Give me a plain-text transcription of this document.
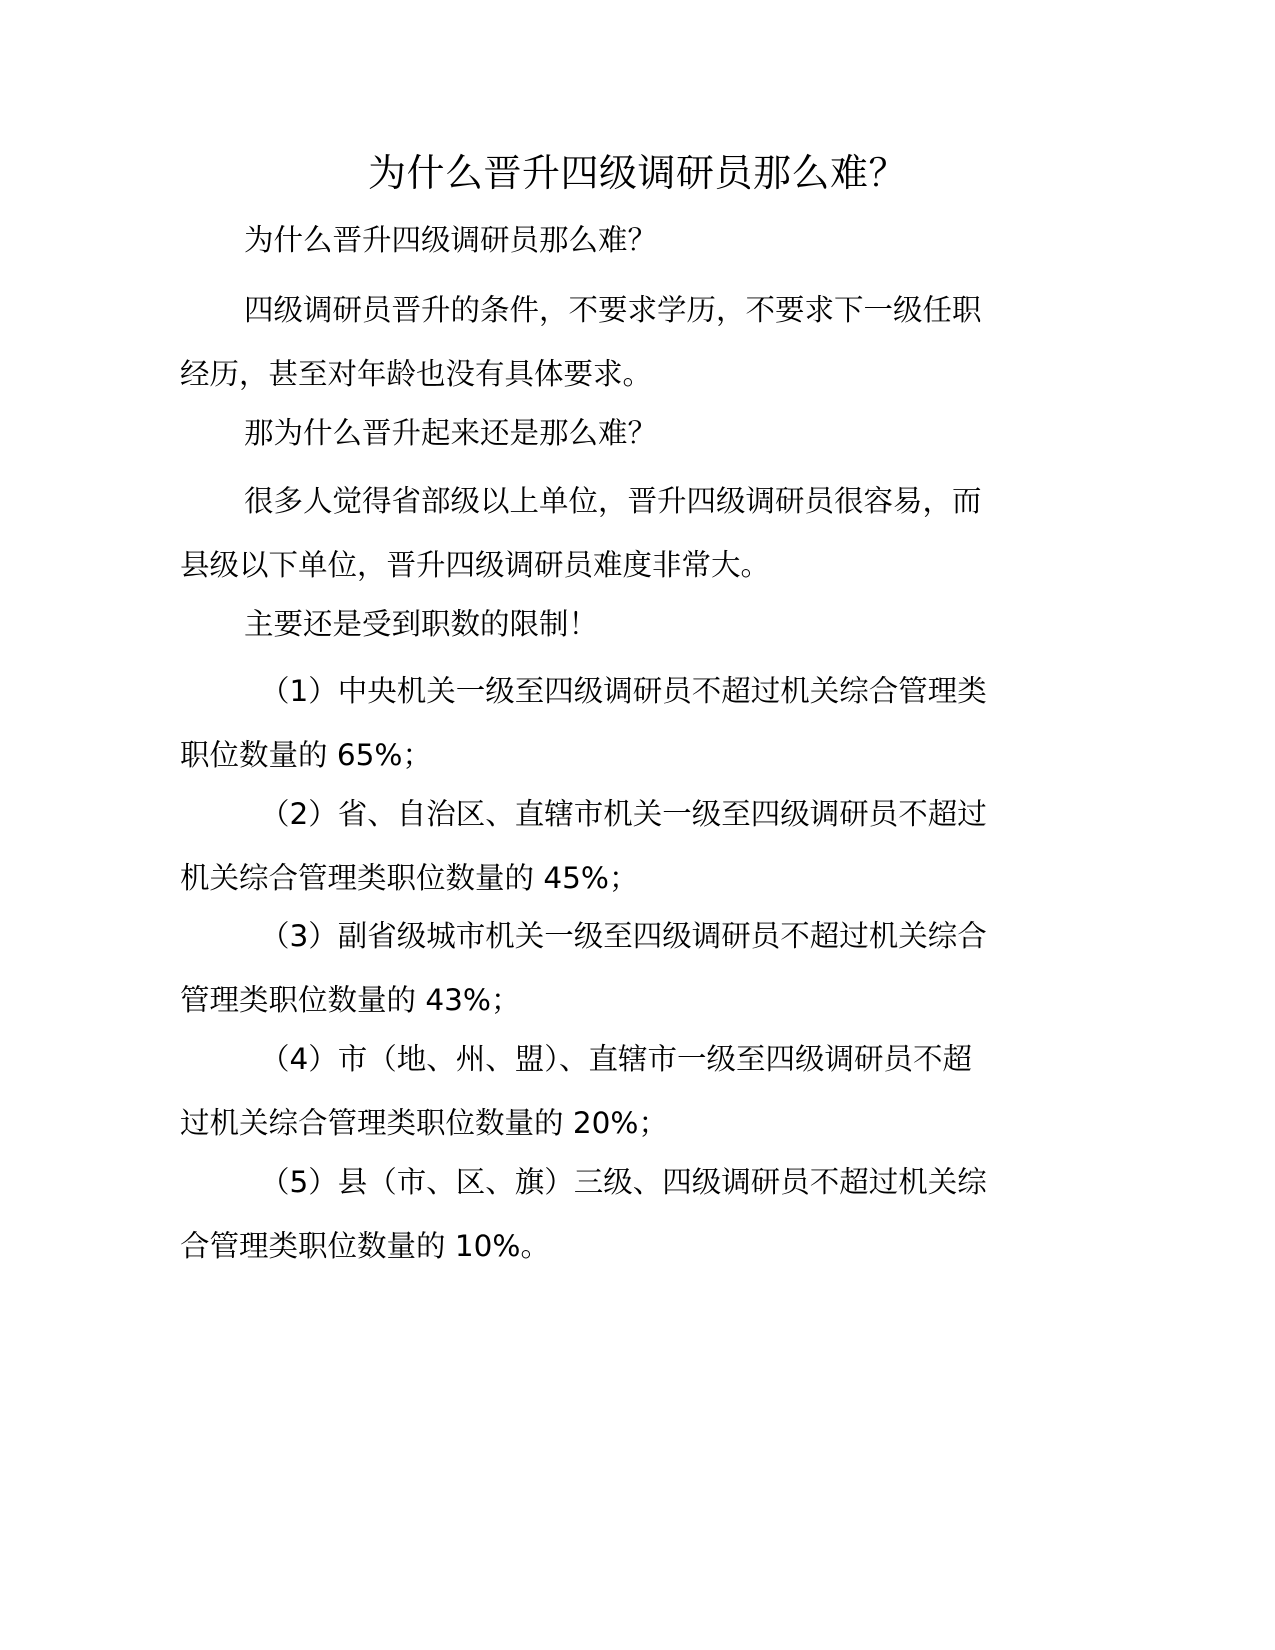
为什么晋升四级调研员那么难？

为什么晋升四级调研员那么难？

四级调研员晋升的条件，不要求学历，不要求下一级任职
经历，甚至对年龄也没有具体要求。

那为什么晋升起来还是那么难？

很多人觉得省部级以上单位，晋升四级调研员很容易，而
县级以下单位，晋升四级调研员难度非常大。

主要还是受到职数的限制！

（1）中央机关一级至四级调研员不超过机关综合管理类
职位数量的 65%；

（2）省、自治区、直辖市机关一级至四级调研员不超过
机关综合管理类职位数量的 45%；

（3）副省级城市机关一级至四级调研员不超过机关综合
管理类职位数量的 43%；

（4）市（地、州、盟）、直辖市一级至四级调研员不超
过机关综合管理类职位数量的 20%；

（5）县（市、区、旗）三级、四级调研员不超过机关综
合管理类职位数量的 10%。
